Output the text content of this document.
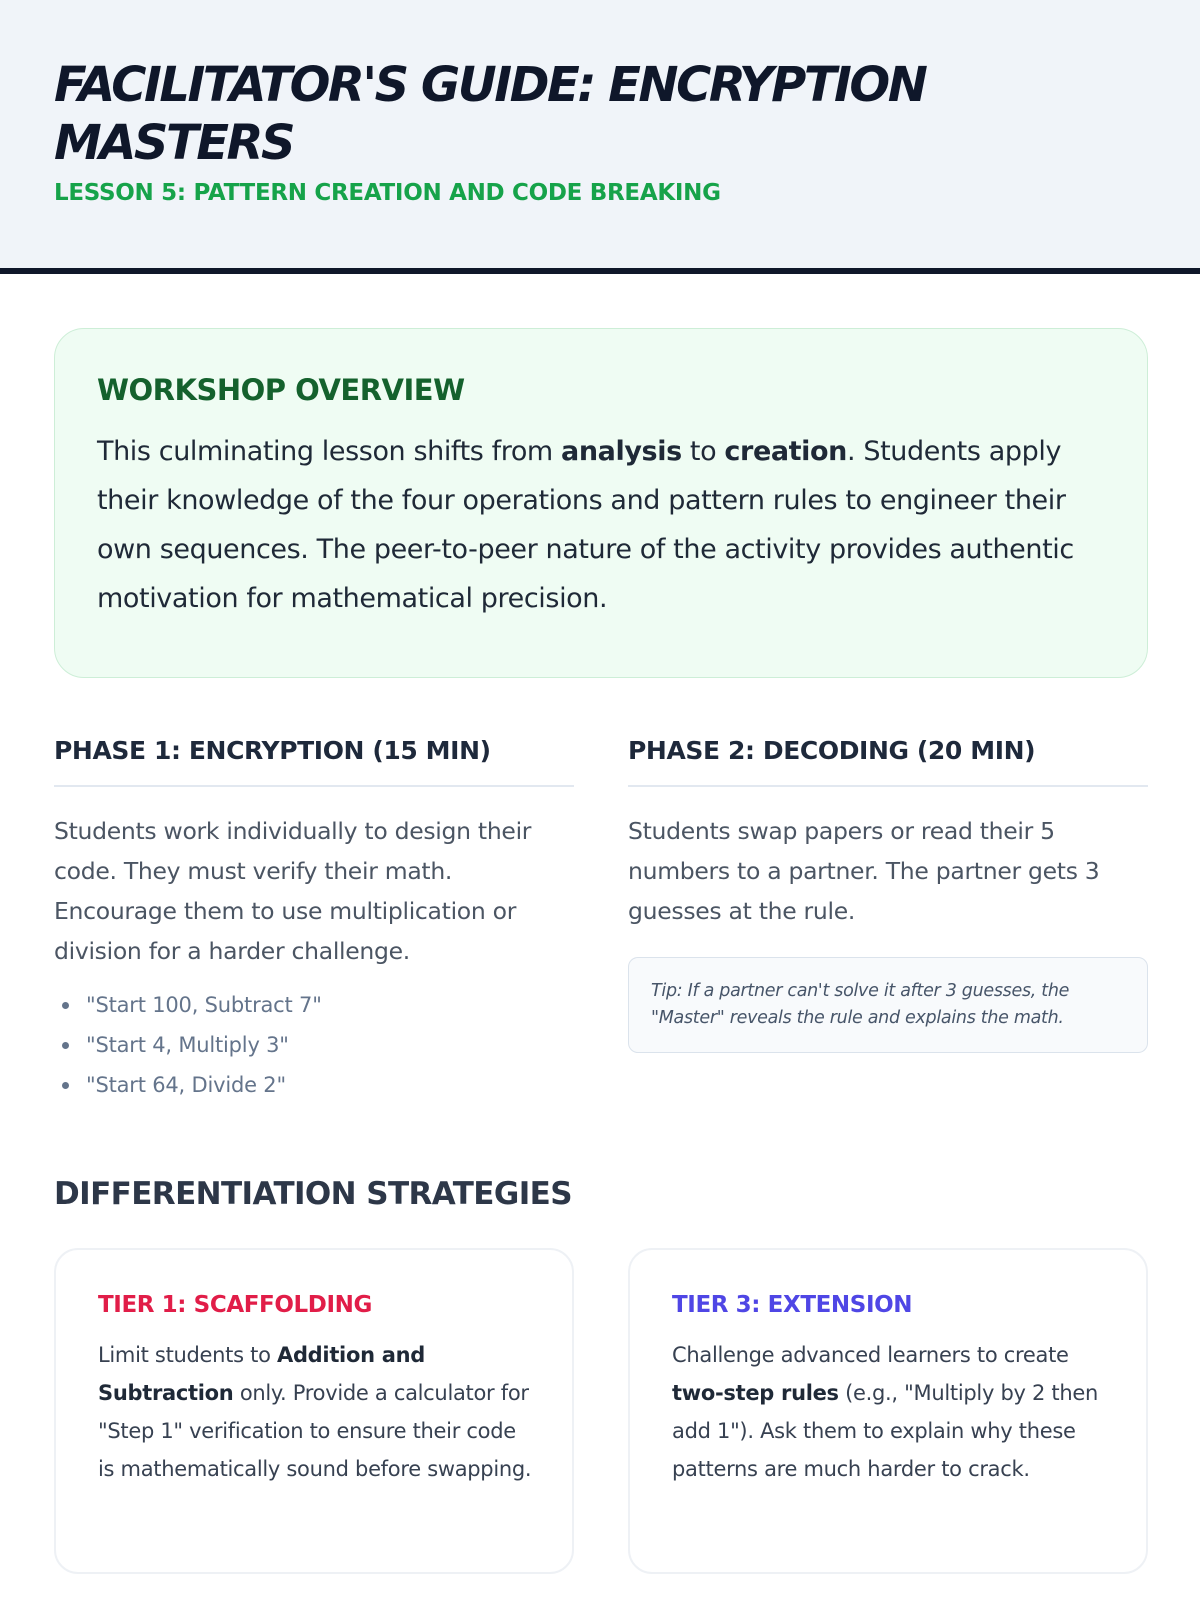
FACILITATOR'S GUIDE: ENCRYPTION MASTERS
LESSON 5: PATTERN CREATION AND CODE BREAKING
WORKSHOP OVERVIEW

This culminating lesson shifts from analysis to creation. Students apply their knowledge of the four operations and pattern rules to engineer their own sequences. The peer-to-peer nature of the activity provides authentic motivation for mathematical precision.

PHASE 1: ENCRYPTION (15 MIN)

Students work individually to design their code. They must verify their math. Encourage them to use multiplication or division for a harder challenge.

"Start 100, Subtract 7"
"Start 4, Multiply 3"
"Start 64, Divide 2"
PHASE 2: DECODING (20 MIN)

Students swap papers or read their 5 numbers to a partner. The partner gets 3 guesses at the rule.

Tip: If a partner can't solve it after 3 guesses, the "Master" reveals the rule and explains the math.
DIFFERENTIATION STRATEGIES
TIER 1: SCAFFOLDING

Limit students to Addition and Subtraction only. Provide a calculator for "Step 1" verification to ensure their code is mathematically sound before swapping.

TIER 3: EXTENSION

Challenge advanced learners to create two-step rules (e.g., "Multiply by 2 then add 1"). Ask them to explain why these patterns are much harder to crack.
